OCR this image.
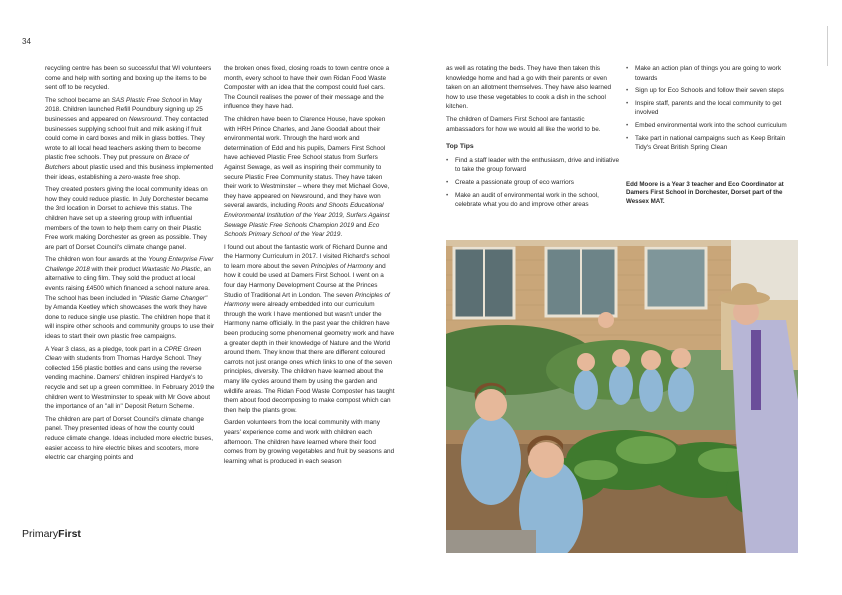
34

recycling centre has been so successful that WI volunteers come and help with sorting and boxing up the items to be sent off to be recycled.

The school became an SAS Plastic Free School in May 2018. Children launched Refill Poundbury signing up 25 businesses and appeared on Newsround. They contacted businesses supplying school fruit and milk asking if fruit could come in card boxes and milk in glass bottles. They wrote to all local head teachers asking them to become plastic free schools. They put pressure on Brace of Butchers about plastic used and this business implemented their ideas, establishing a zero-waste free shop.

They created posters giving the local community ideas on how they could reduce plastic. In July Dorchester became the 3rd location in Dorset to achieve this status. The children have set up a steering group with influential members of the town to help them carry on their Plastic Free work making Dorchester as green as possible. They are part of Dorset Council's climate change panel.

The children won four awards at the Young Enterprise Fiver Challenge 2018 with their product Waxtastic No Plastic, an alternative to cling film. They sold the product at local events raising £4500 which financed a school nature area. The school has been included in "Plastic Game Changer" by Amanda Keetley which showcases the work they have done to reduce single use plastic. The children hope that it will inspire other schools and community groups to use their ideas to start their own plastic free campaigns.

A Year 3 class, as a pledge, took part in a CPRE Green Clean with students from Thomas Hardye School. They collected 156 plastic bottles and cans using the reverse vending machine. Damers' children inspired Hardye's to recycle and set up a green committee. In February 2019 the children went to Westminster to speak with Mr Gove about the importance of an "all in" Deposit Return Scheme.

The children are part of Dorset Council's climate change panel. They presented ideas of how the county could reduce climate change. Ideas included more electric buses, easier access to hire electric bikes and scooters, more electric car charging points and

the broken ones fixed, closing roads to town centre once a month, every school to have their own Ridan Food Waste Composter with an idea that the compost could fuel cars. The Council realises the power of their message and the influence they have had.

The children have been to Clarence House, have spoken with HRH Prince Charles, and Jane Goodall about their environmental work. Through the hard work and determination of Edd and his pupils, Damers First School have achieved Plastic Free School status from Surfers Against Sewage, as well as inspiring their community to secure Plastic Free Community status. They have taken their work to Westminster – where they met Michael Gove, they have appeared on Newsround, and they have won several awards, including Roots and Shoots Educational Environmental Institution of the Year 2019, Surfers Against Sewage Plastic Free Schools Champion 2019 and Eco Schools Primary School of the Year 2019.

I found out about the fantastic work of Richard Dunne and the Harmony Curriculum in 2017. I visited Richard's school to learn more about the seven Principles of Harmony and how it could be used at Damers First School. I went on a four day Harmony Development Course at the Princes Studio of Traditional Art in London. The seven Principles of Harmony were already embedded into our curriculum through the work I have mentioned but wasn't under the Harmony name officially. In the past year the children have been producing some phenomenal geometry work and have a greater depth in their knowledge of Nature and the World around them. They know that there are different coloured carrots not just orange ones which links to one of the seven principles, diversity. The children have learned about the many life cycles around them by using the garden and wildlife areas. The Ridan Food Waste Composter has taught them about food decomposing to make compost which can then help the plants grow.

Garden volunteers from the local community with many years' experience come and work with children each afternoon. The children have learned where their food comes from by growing vegetables and fruit by seasons and learning what is produced in each season

as well as rotating the beds. They have then taken this knowledge home and had a go with their parents or even taken on an allotment themselves. They have also learned how to use these vegetables to cook a dish in the school kitchen.

The children of Damers First School are fantastic ambassadors for how we would all like the world to be.

Top Tips
• Find a staff leader with the enthusiasm, drive and initiative to take the group forward
• Create a passionate group of eco warriors
• Make an audit of environmental work in the school, celebrate what you do and improve other areas
• Make an action plan of things you are going to work towards
• Sign up for Eco Schools and follow their seven steps
• Inspire staff, parents and the local community to get involved
• Embed environmental work into the school curriculum
• Take part in national campaigns such as Keep Britain Tidy's Great British Spring Clean
Edd Moore is a Year 3 teacher and Eco Coordinator at Damers First School in Dorchester, Dorset part of the Wessex MAT.
PrimaryFirst
